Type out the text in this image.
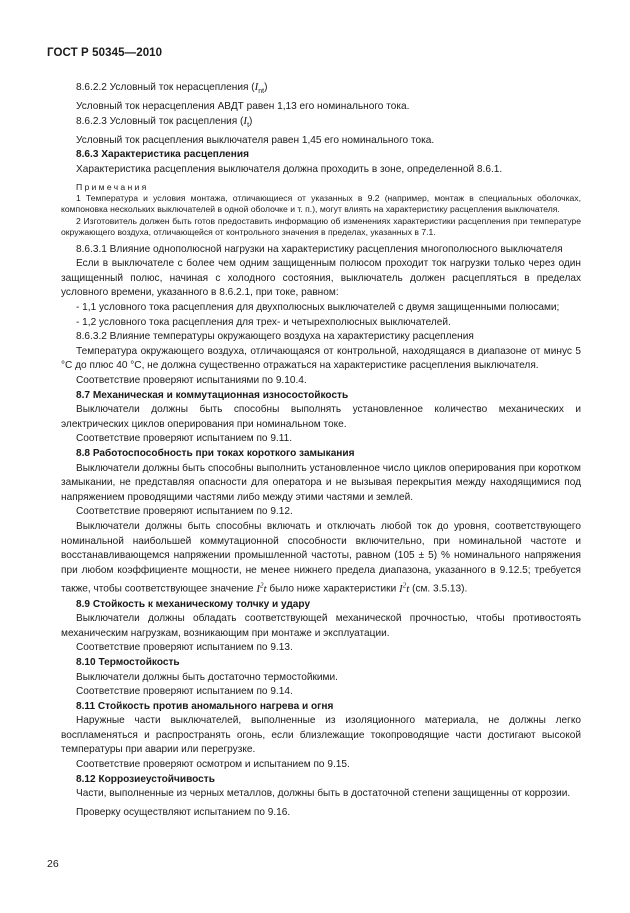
ГОСТ Р 50345—2010

8.6.2.2 Условный ток нерасцепления $(I_{nt})$

Условный ток нерасцепления АВДТ равен 1,13 его номинального тока.

8.6.2.3 Условный ток расцепления $(I_t)$

Условный ток расцепления выключателя равен 1,45 его номинального тока.

8.6.3 Характеристика расцепления

Характеристика расцепления выключателя должна проходить в зоне, определенной 8.6.1.

Примечания

1 Температура и условия монтажа, отличающиеся от указанных в 9.2 (например, монтаж в специальных оболочках, компоновка нескольких выключателей в одной оболочке и т. п.), могут влиять на характеристику расцепления выключателя.

2 Изготовитель должен быть готов предоставить информацию об изменениях характеристики расцепления при температуре окружающего воздуха, отличающейся от контрольного значения в пределах, указанных в 7.1.

8.6.3.1 Влияние однополюсной нагрузки на характеристику расцепления многополюсного выключателя

Если в выключателе с более чем одним защищенным полюсом проходит ток нагрузки только через один защищенный полюс, начиная с холодного состояния, выключатель должен расцепляться в пределах условного времени, указанного в 8.6.2.1, при токе, равном:

- 1,1 условного тока расцепления для двухполюсных выключателей с двумя защищенными полюсами;

- 1,2 условного тока расцепления для трех- и четырехполюсных выключателей.

8.6.3.2 Влияние температуры окружающего воздуха на характеристику расцепления

Температура окружающего воздуха, отличающаяся от контрольной, находящаяся в диапазоне от минус 5 °С до плюс 40 °С, не должна существенно отражаться на характеристике расцепления выключателя.

Соответствие проверяют испытаниями по 9.10.4.

8.7 Механическая и коммутационная износостойкость

Выключатели должны быть способны выполнять установленное количество механических и электрических циклов оперирования при номинальном токе.

Соответствие проверяют испытанием по 9.11.

8.8 Работоспособность при токах короткого замыкания

Выключатели должны быть способны выполнить установленное число циклов оперирования при коротком замыкании, не представляя опасности для оператора и не вызывая перекрытия между находящимися под напряжением проводящими частями либо между этими частями и землей.

Соответствие проверяют испытанием по 9.12.

Выключатели должны быть способны включать и отключать любой ток до уровня, соответствующего номинальной наибольшей коммутационной способности включительно, при номинальной частоте и восстанавливающемся напряжении промышленной частоты, равном (105 ± 5) % номинального напряжения при любом коэффициенте мощности, не менее нижнего предела диапазона, указанного в 9.12.5; требуется также, чтобы соответствующее значение $I^2t$ было ниже характеристики $I^2t$ (см. 3.5.13).

8.9 Стойкость к механическому толчку и удару

Выключатели должны обладать соответствующей механической прочностью, чтобы противостоять механическим нагрузкам, возникающим при монтаже и эксплуатации.

Соответствие проверяют испытанием по 9.13.

8.10 Термостойкость

Выключатели должны быть достаточно термостойкими.

Соответствие проверяют испытанием по 9.14.

8.11 Стойкость против аномального нагрева и огня

Наружные части выключателей, выполненные из изоляционного материала, не должны легко воспламеняться и распространять огонь, если близлежащие токопроводящие части достигают высокой температуры при аварии или перегрузке.

Соответствие проверяют осмотром и испытанием по 9.15.

8.12 Коррозиеустойчивость

Части, выполненные из черных металлов, должны быть в достаточной степени защищенны от коррозии.

Проверку осуществляют испытанием по 9.16.

26
